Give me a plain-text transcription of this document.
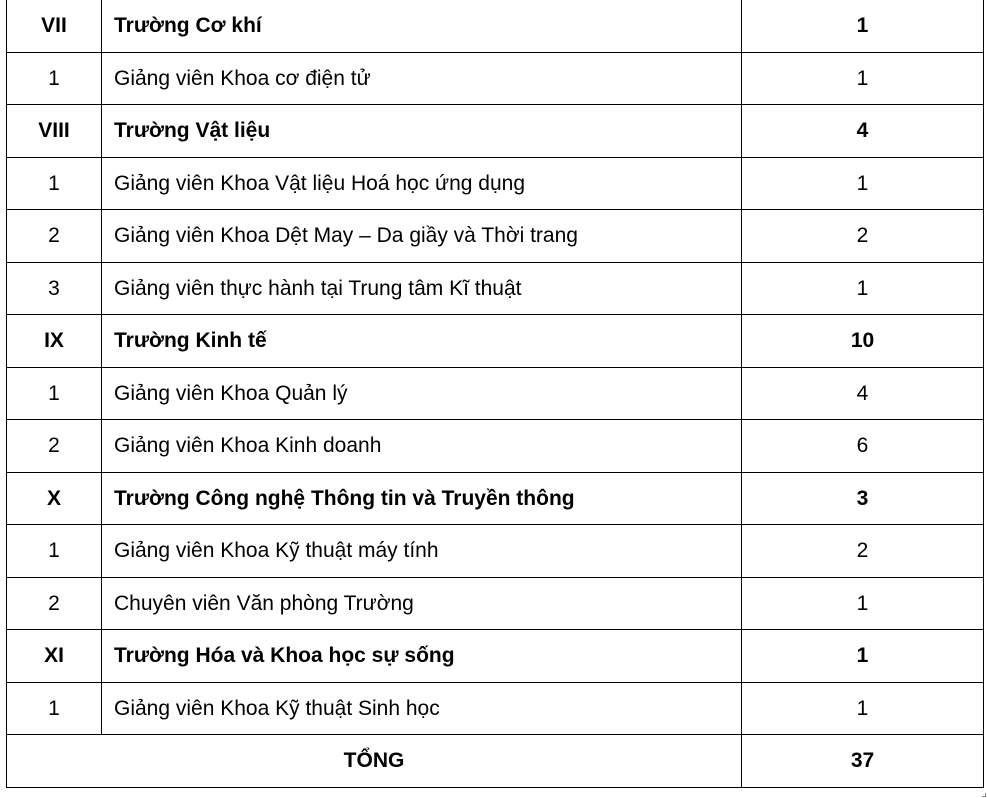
VII	Trường Cơ khí	1
1	Giảng viên Khoa cơ điện tử	1
VIII	Trường Vật liệu	4
1	Giảng viên Khoa Vật liệu Hoá học ứng dụng	1
2	Giảng viên Khoa Dệt May – Da giầy và Thời trang	2
3	Giảng viên thực hành tại Trung tâm Kĩ thuật	1
IX	Trường Kinh tế	10
1	Giảng viên Khoa Quản lý	4
2	Giảng viên Khoa Kinh doanh	6
X	Trường Công nghệ Thông tin và Truyền thông	3
1	Giảng viên Khoa Kỹ thuật máy tính	2
2	Chuyên viên Văn phòng Trường	1
XI	Trường Hóa và Khoa học sự sống	1
1	Giảng viên Khoa Kỹ thuật Sinh học	1
TỔNG		37
